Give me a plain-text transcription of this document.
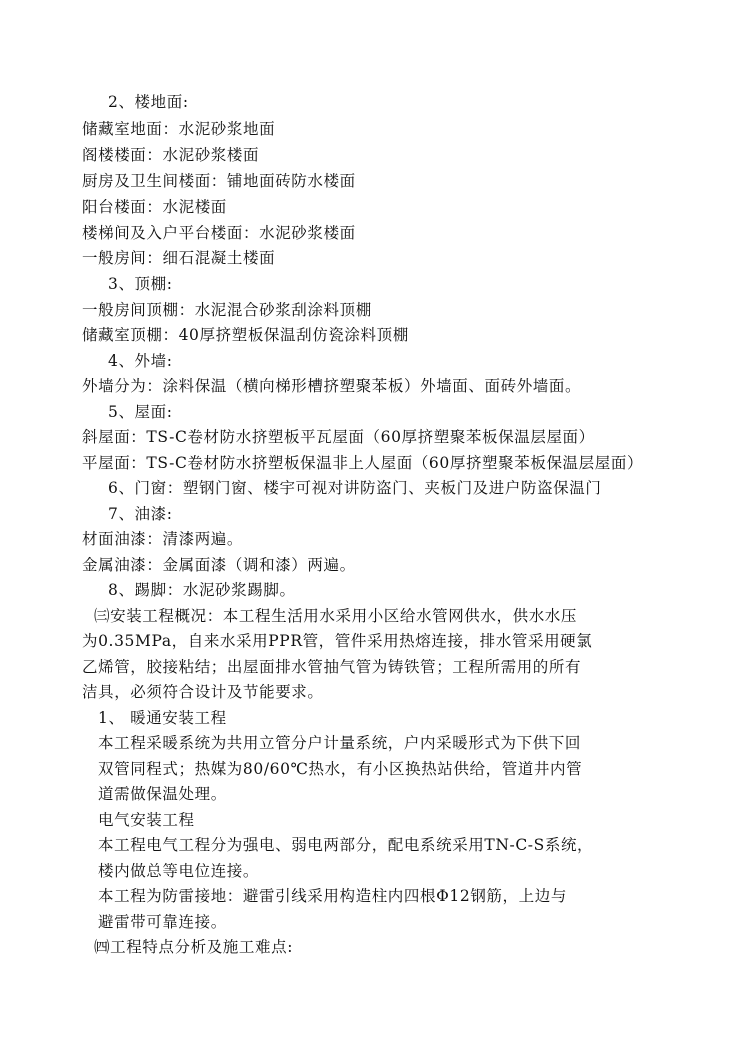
2、楼地面:
储藏室地面：水泥砂浆地面
阁楼楼面：水泥砂浆楼面
厨房及卫生间楼面：铺地面砖防水楼面
阳台楼面：水泥楼面
楼梯间及入户平台楼面：水泥砂浆楼面
一般房间：细石混凝土楼面
3、顶棚:
一般房间顶棚：水泥混合砂浆刮涂料顶棚
储藏室顶棚：40厚挤塑板保温刮仿瓷涂料顶棚
4、外墙:
外墙分为：涂料保温（横向梯形槽挤塑聚苯板）外墙面、面砖外墙面。
5、屋面:
斜屋面：TS-C卷材防水挤塑板平瓦屋面（60厚挤塑聚苯板保温层屋面）
平屋面：TS-C卷材防水挤塑板保温非上人屋面（60厚挤塑聚苯板保温层屋面）
6、门窗：塑钢门窗、楼宇可视对讲防盗门、夹板门及进户防盗保温门
7、油漆:
材面油漆：清漆两遍。
金属油漆：金属面漆（调和漆）两遍。
8、踢脚：水泥砂浆踢脚。
㈢安装工程概况：本工程生活用水采用小区给水管网供水，供水水压
为0.35MPa，自来水采用PPR管，管件采用热熔连接，排水管采用硬氯
乙烯管，胶接粘结；出屋面排水管抽气管为铸铁管；工程所需用的所有
洁具，必须符合设计及节能要求。
1、 暖通安装工程
本工程采暖系统为共用立管分户计量系统，户内采暖形式为下供下回
双管同程式；热媒为80/60℃热水，有小区换热站供给，管道井内管
道需做保温处理。
电气安装工程
本工程电气工程分为强电、弱电两部分，配电系统采用TN-C-S系统，
楼内做总等电位连接。
本工程为防雷接地：避雷引线采用构造柱内四根Φ12钢筋，上边与
避雷带可靠连接。
㈣工程特点分析及施工难点:
